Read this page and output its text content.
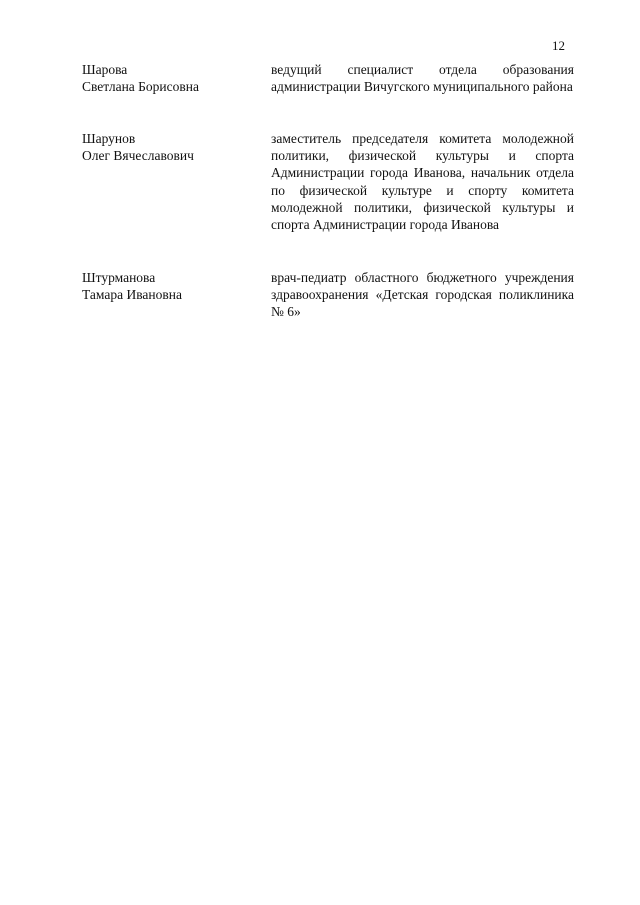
12
Шарова
Светлана Борисовна
ведущий специалист отдела образования администрации Вичугского муниципального района
Шарунов
Олег Вячеславович
заместитель председателя комитета молодежной политики, физической культуры и спорта Администрации города Иванова, начальник отдела по физической культуре и спорту комитета молодежной политики, физической культуры и спорта Администрации города Иванова
Штурманова
Тамара Ивановна
врач-педиатр областного бюджетного учреждения здравоохранения «Детская городская поликлиника № 6»
